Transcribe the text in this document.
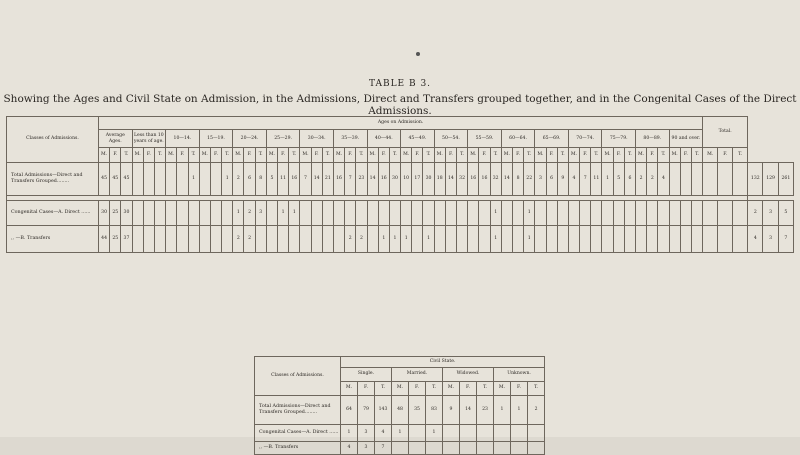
TABLE B 3.
Showing the Ages and Civil State on Admission, in the Admissions, Direct and Transfers grouped together, and in the Congenital Cases of the Direct Admissions.
Classes of Admissions.	Ages on Admission.																																																						Total.					
	Average Ages.			Less than 10 years of age.			10—14.			15—19.			20—24.			25—29.			30—34.			35—39.			40—44.			45—49.			50—54.			55—59.			60—64.			65—69.			70—74.			75—79.			80—89.			90 and over.								
	M.	F.	T.	M.	F.	T.	M.	F.	T.	M.	F.	T.	M.	F.	T.	M.	F.	T.	M.	F.	T.	M.	F.	T.	M.	F.	T.	M.	F.	T.	M.	F.	T.	M.	F.	T.	M.	F.	T.	M.	F.	T.	M.	F.	T.	M.	F.	T.	M.	F.	T.	M.	F.	T.	M.	F.	T.			
Total Admissions—Direct and Transfers Grouped........	45	45	45						1			1	2	6	8	5	11	16	7	14	21	16	7	23	14	16	30	10	17	30	18	14	32	16	16	32	14	8	22	3	6	9	4	7	11	1	5	6	2	2	4							132	129	261

Congenital Cases—A. Direct ......	30	25	30										1	2	3		1	1																		1			1																			2	3	5
,, —B. Transfers	44	25	37										2	2									2	2		1	1	1		1						1			1																			4	3	7
Classes of Admissions.	Civil State.											
	Single.			Married.			Widowed.			Unknown.		
	M.	F.	T.	M.	F.	T.	M.	F.	T.	M.	F.	T.
Total Admissions—Direct and Transfers Grouped........	64	79	143	48	35	83	9	14	23	1	1	2
Congenital Cases—A. Direct ......	1	3	4	1		1						
,, —B. Transfers	4	3	7									
